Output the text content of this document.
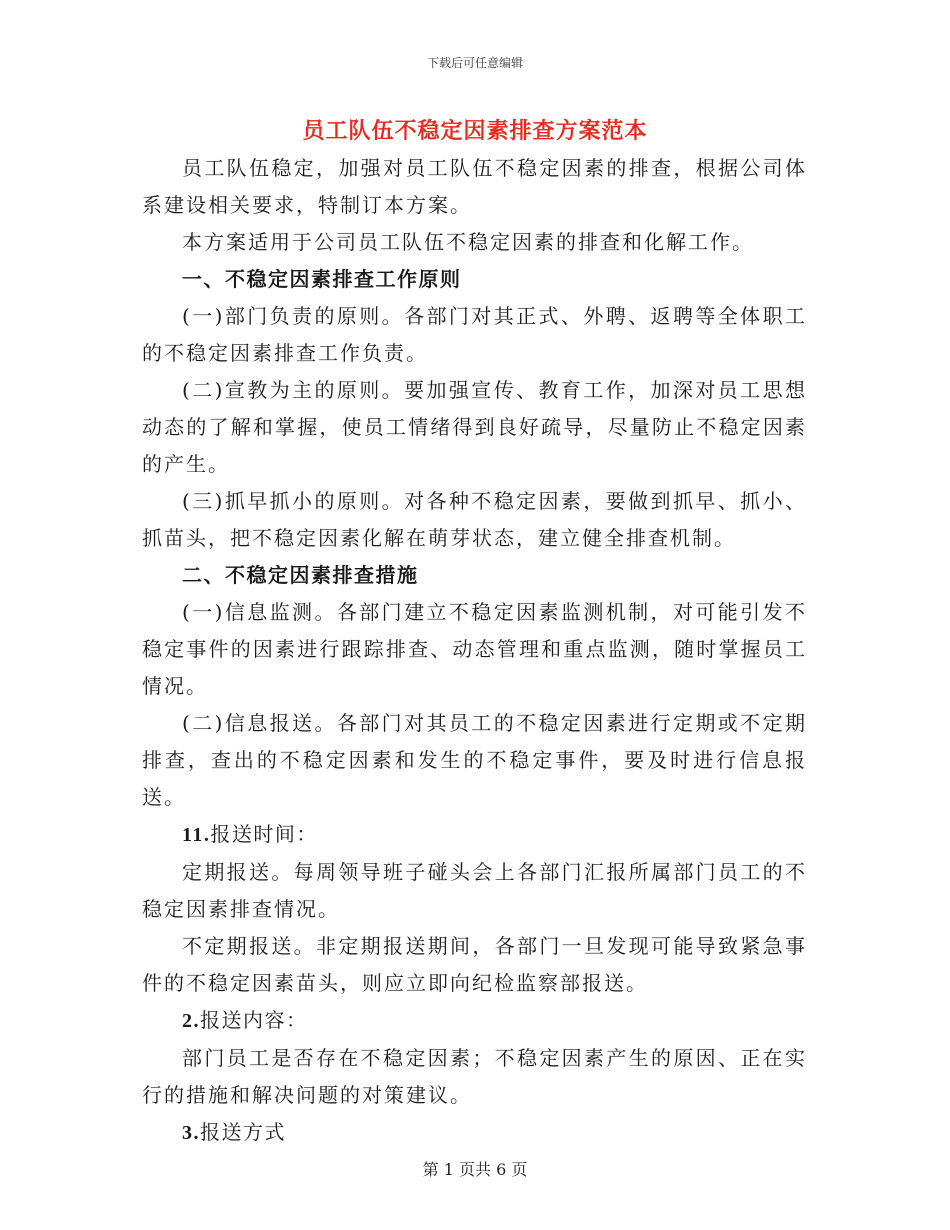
下载后可任意编辑
员工队伍不稳定因素排查方案范本

员工队伍稳定，加强对员工队伍不稳定因素的排查，根据公司体系建设相关要求，特制订本方案。

本方案适用于公司员工队伍不稳定因素的排查和化解工作。

一、不稳定因素排查工作原则

(一)部门负责的原则。各部门对其正式、外聘、返聘等全体职工的不稳定因素排查工作负责。

(二)宣教为主的原则。要加强宣传、教育工作，加深对员工思想动态的了解和掌握，使员工情绪得到良好疏导，尽量防止不稳定因素的产生。

(三)抓早抓小的原则。对各种不稳定因素，要做到抓早、抓小、抓苗头，把不稳定因素化解在萌芽状态，建立健全排查机制。

二、不稳定因素排查措施

(一)信息监测。各部门建立不稳定因素监测机制，对可能引发不稳定事件的因素进行跟踪排查、动态管理和重点监测，随时掌握员工情况。

(二)信息报送。各部门对其员工的不稳定因素进行定期或不定期排查，查出的不稳定因素和发生的不稳定事件，要及时进行信息报送。

11.报送时间：

定期报送。每周领导班子碰头会上各部门汇报所属部门员工的不稳定因素排查情况。

不定期报送。非定期报送期间，各部门一旦发现可能导致紧急事件的不稳定因素苗头，则应立即向纪检监察部报送。

2.报送内容：

部门员工是否存在不稳定因素；不稳定因素产生的原因、正在实行的措施和解决问题的对策建议。

3.报送方式

第 1 页共 6 页
